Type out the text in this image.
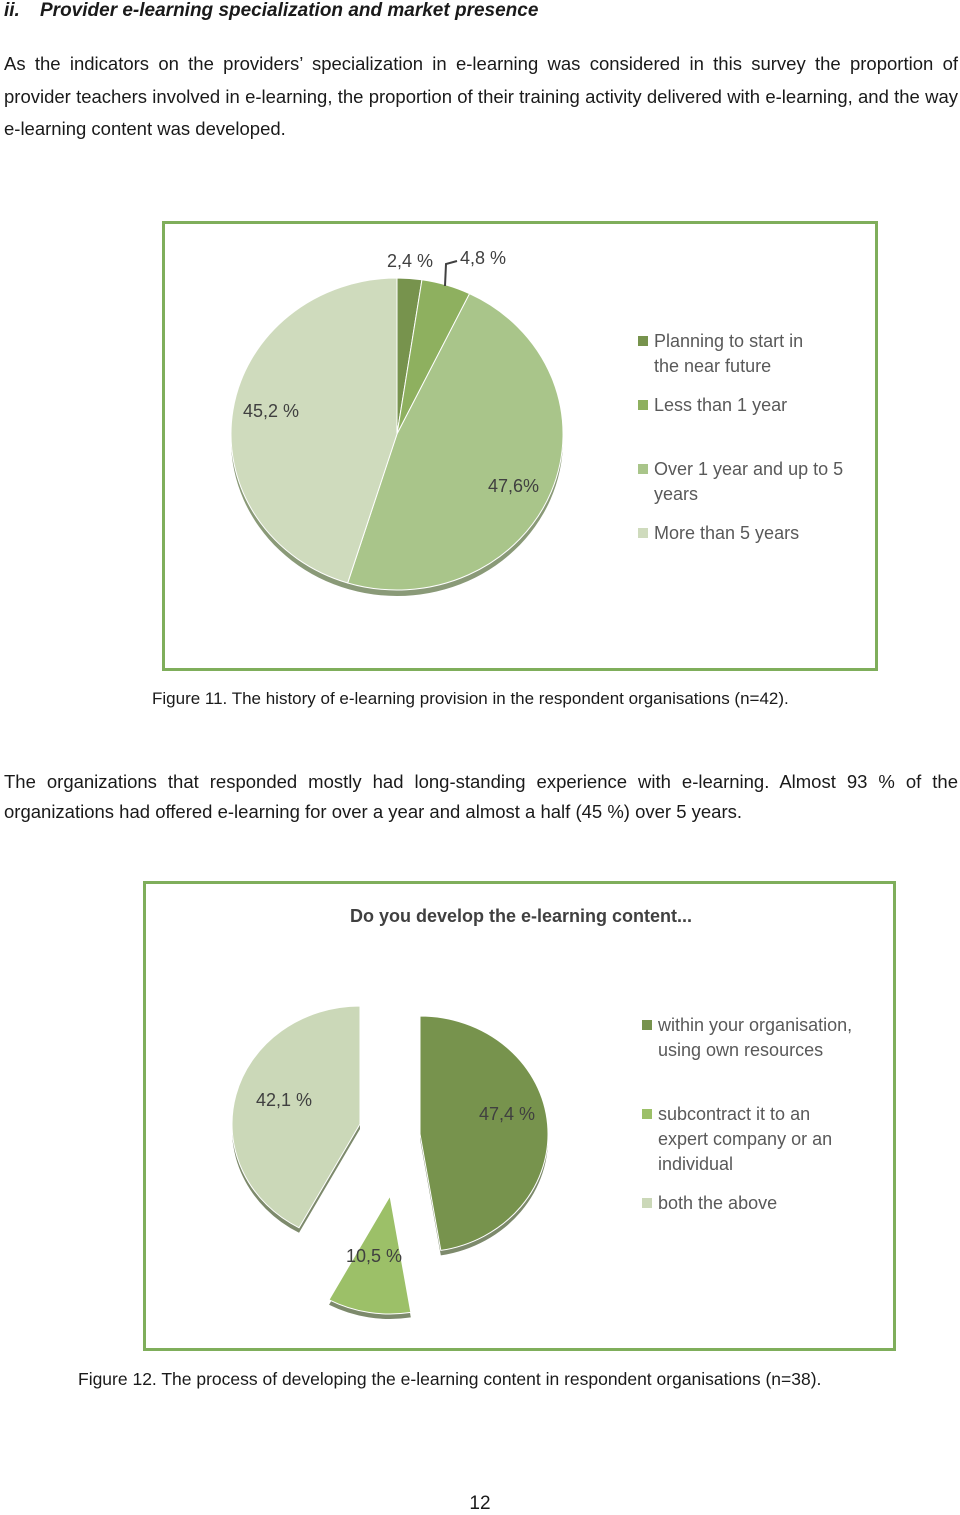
ii. Provider e-learning specialization and market presence
As the indicators on the providers’ specialization in e-learning was considered in this survey the proportion of provider teachers involved in e-learning, the proportion of their training activity delivered with e-learning, and the way e-learning content was developed.
2,4 % 4,8 %
47,6%
45,2 %
Planning to start in the near future
Less than 1 year
Over 1 year and up to 5 years
More than 5 years
Figure 11. The history of e-learning provision in the respondent organisations (n=42).
The organizations that responded mostly had long-standing experience with e-learning. Almost 93 % of the organizations had offered e-learning for over a year and almost a half (45 %) over 5 years.
Do you develop the e-learning content...
47,4 %
10,5 %
42,1 %
within your organisation, using own resources
subcontract it to an expert company or an individual
both the above
Figure 12. The process of developing the e-learning content in respondent organisations (n=38).
12
